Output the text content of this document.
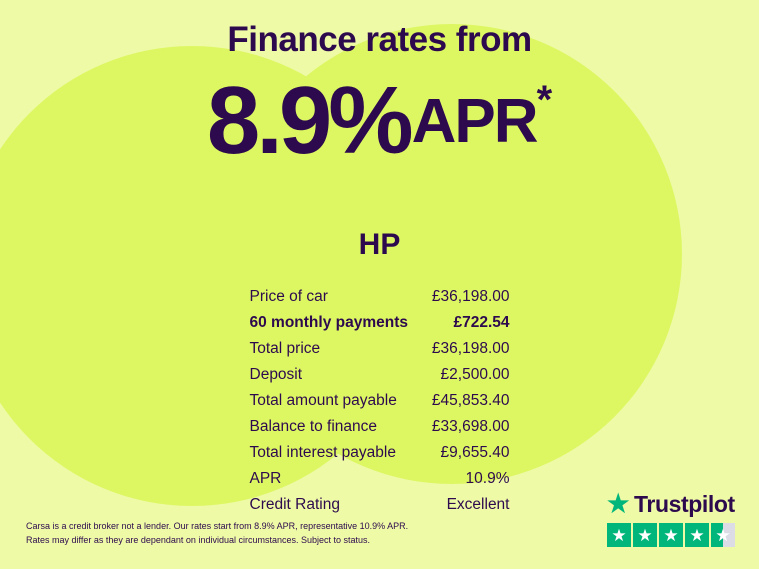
Finance rates from
8.9%APR*
HP
Price of car	£36,198.00
60 monthly payments	£722.54
Total price	£36,198.00
Deposit	£2,500.00
Total amount payable £45,853.40
Balance to finance	£33,698.00
Total interest payable	£9,655.40
APR	10.9%
Credit Rating	Excellent
Carsa is a credit broker not a lender. Our rates start from 8.9% APR, representative 10.9% APR.
Rates may differ as they are dependant on individual circumstances. Subject to status.
★ Trustpilot
★ ★ ★ ★ ★
